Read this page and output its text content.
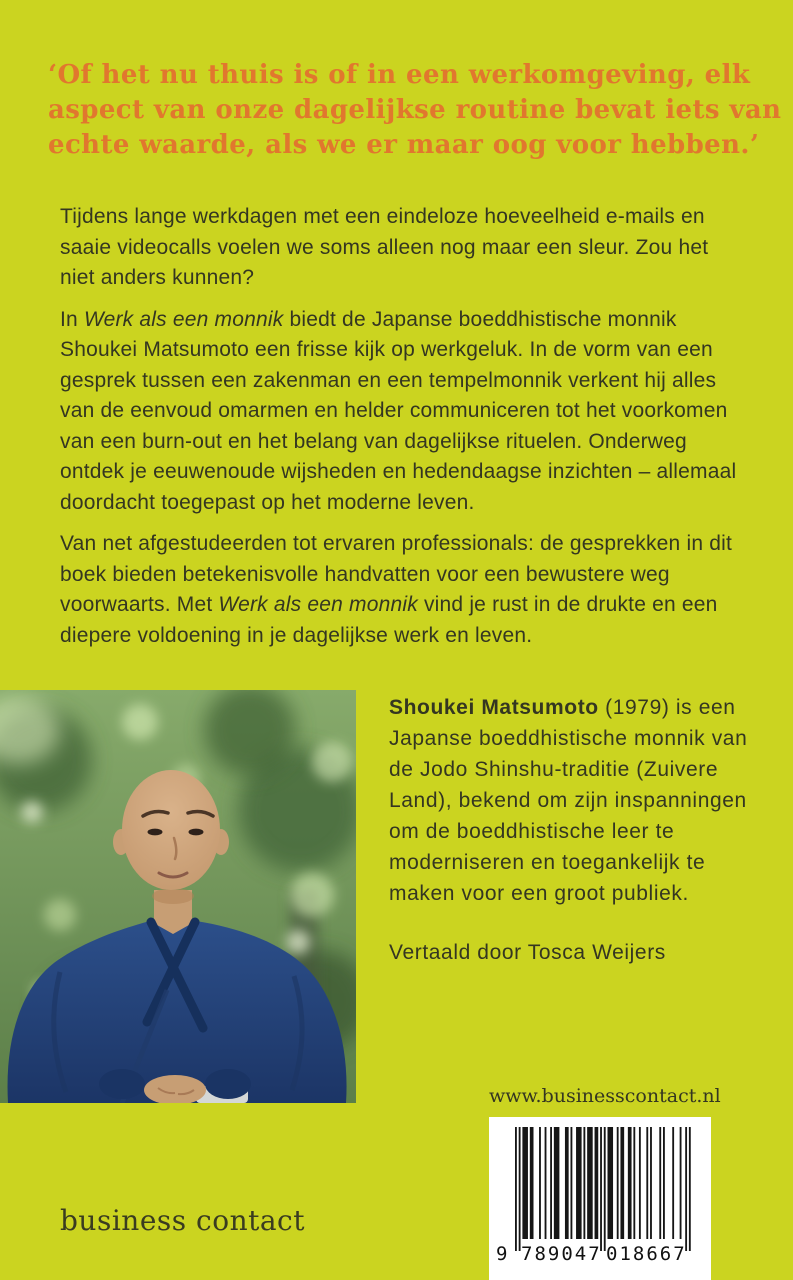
‘Of het nu thuis is of in een werkomgeving, elk
aspect van onze dagelijkse routine bevat iets van
echte waarde, als we er maar oog voor hebben.’

Tijdens lange werkdagen met een eindeloze hoeveelheid e-mails en saaie videocalls voelen we soms alleen nog maar een sleur. Zou het niet anders kunnen?

In Werk als een monnik biedt de Japanse boeddhistische monnik Shoukei Matsumoto een frisse kijk op werkgeluk. In de vorm van een gesprek tussen een zakenman en een tempelmonnik verkent hij alles van de eenvoud omarmen en helder communiceren tot het voorkomen van een burn-out en het belang van dagelijkse rituelen. Onderweg ontdek je eeuwenoude wijsheden en hedendaagse inzichten – allemaal doordacht toegepast op het moderne leven.

Van net afgestudeerden tot ervaren professionals: de gesprekken in dit boek bieden betekenisvolle handvatten voor een bewustere weg voorwaarts. Met Werk als een monnik vind je rust in de drukte en een diepere voldoening in je dagelijkse werk en leven.

Shoukei Matsumoto (1979) is een Japanse boeddhistische monnik van de Jodo Shinshu-traditie (Zuivere Land), bekend om zijn inspanningen om de boeddhistische leer te moderniseren en toegankelijk te maken voor een groot publiek.
Vertaald door Tosca Weijers
www.businesscontact.nl
9 789047 018667
business contact
